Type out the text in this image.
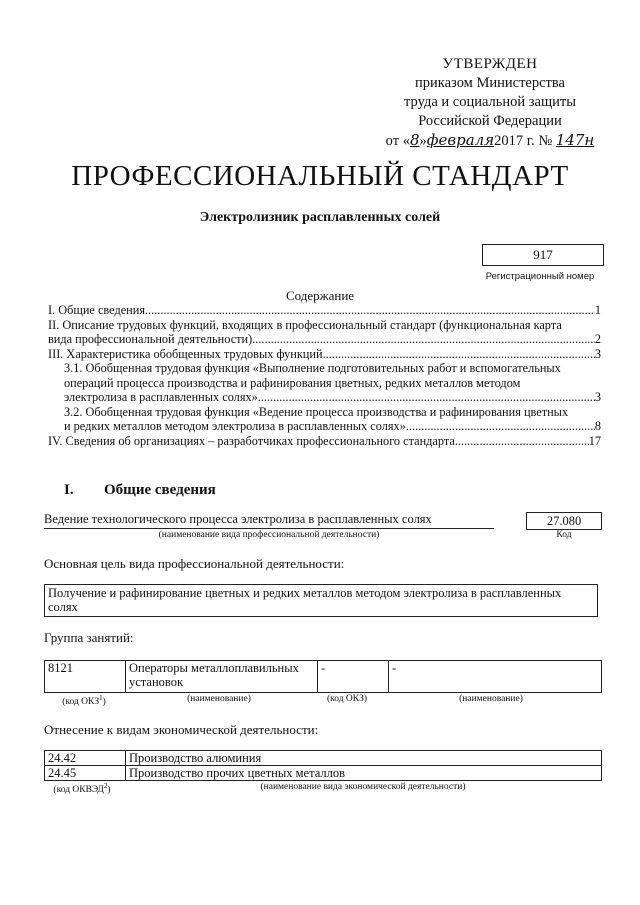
УТВЕРЖДЕН
приказом Министерства
труда и социальной защиты
Российской Федерации
от «8»февраля2017 г. № 147н
ПРОФЕССИОНАЛЬНЫЙ СТАНДАРТ
Электролизник расплавленных солей
917
Регистрационный номер
Содержание
I. Общие сведения .....	1
II. Описание трудовых функций, входящих в профессиональный стандарт (функциональная карта
вида профессиональной деятельности) .....	2
III. Характеристика обобщенных трудовых функций .....	3
3.1. Обобщенная трудовая функция «Выполнение подготовительных работ и вспомогательных
операций процесса производства и рафинирования цветных, редких металлов методом
электролиза в расплавленных солях» .....	3
3.2. Обобщенная трудовая функция «Ведение процесса производства и рафинирования цветных
и редких металлов методом электролиза в расплавленных солях» .....	8
IV. Сведения об организациях – разработчиках профессионального стандарта .....	17
I. Общие сведения
Ведение технологического процесса электролиза в расплавленных солях
(наименование вида профессиональной деятельности)
27.080
Код
Основная цель вида профессиональной деятельности:
Получение и рафинирование цветных и редких металлов методом электролиза в расплавленных солях
Группа занятий:
8121	Операторы металлоплавильных установок	-	-
(код ОКЗ$^1$)	(наименование)	(код ОКЗ)	(наименование)
Отнесение к видам экономической деятельности:
24.42	Производство алюминия
24.45	Производство прочих цветных металлов
(код ОКВЭД$^2$)	(наименование вида экономической деятельности)
